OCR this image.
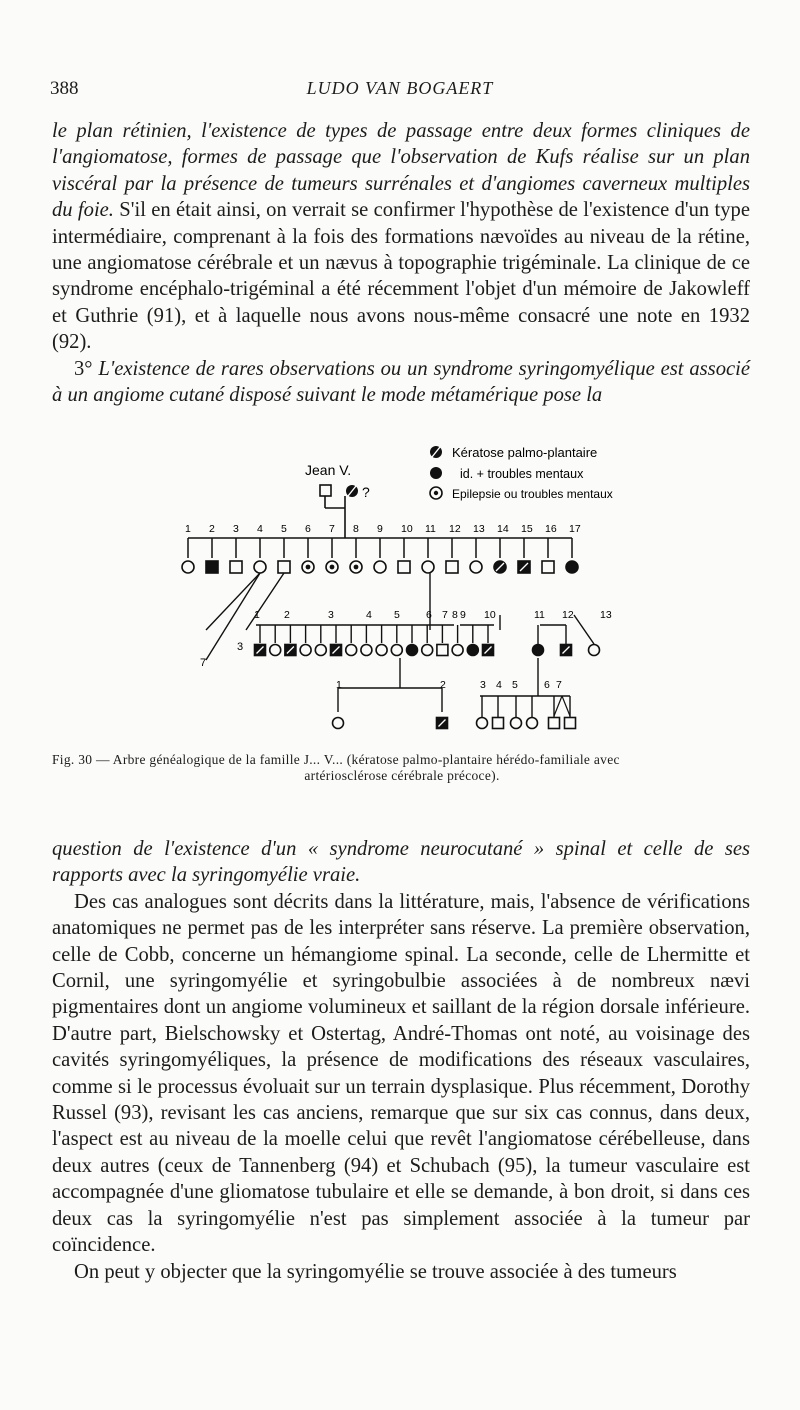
388	LUDO VAN BOGAERT

le plan rétinien, l'existence de types de passage entre deux formes cliniques de l'angiomatose, formes de passage que l'observation de Kufs réalise sur un plan viscéral par la présence de tumeurs surrénales et d'angiomes caverneux multiples du foie. S'il en était ainsi, on verrait se confirmer l'hypothèse de l'existence d'un type intermédiaire, comprenant à la fois des formations nævoïdes au niveau de la rétine, une angiomatose cérébrale et un nævus à topographie trigéminale. La clinique de ce syndrome encéphalo-trigéminal a été récemment l'objet d'un mémoire de Jakowleff et Guthrie (91), et à laquelle nous avons nous-même consacré une note en 1932 (92).

3° L'existence de rares observations ou un syndrome syringomyélique est associé à un angiome cutané disposé suivant le mode métamérique pose la

Jean V.
?
Kératose palmo-plantaire
id. + troubles mentaux
Epilepsie ou troubles mentaux
1 2 3 4 5 6 7 8 9 10 11 12 13 14 15 16 17
1 2	3	4 5 6 7 8 9 10	11 12	13
1	2	3 4 5 6 7
3
7
Fig. 30 — Arbre généalogique de la famille J... V... (kératose palmo-plantaire hérédo-familiale avec
artériosclérose cérébrale précoce).

question de l'existence d'un « syndrome neurocutané » spinal et celle de ses rapports avec la syringomyélie vraie.

Des cas analogues sont décrits dans la littérature, mais, l'absence de vérifications anatomiques ne permet pas de les interpréter sans réserve. La première observation, celle de Cobb, concerne un hémangiome spinal. La seconde, celle de Lhermitte et Cornil, une syringomyélie et syringobulbie associées à de nombreux nævi pigmentaires dont un angiome volumineux et saillant de la région dorsale inférieure. D'autre part, Bielschowsky et Ostertag, André-Thomas ont noté, au voisinage des cavités syringomyéliques, la présence de modifications des réseaux vasculaires, comme si le processus évoluait sur un terrain dysplasique. Plus récemment, Dorothy Russel (93), revisant les cas anciens, remarque que sur six cas connus, dans deux, l'aspect est au niveau de la moelle celui que revêt l'angiomatose cérébelleuse, dans deux autres (ceux de Tannenberg (94) et Schubach (95), la tumeur vasculaire est accompagnée d'une gliomatose tubulaire et elle se demande, à bon droit, si dans ces deux cas la syringomyélie n'est pas simplement associée à la tumeur par coïncidence.

On peut y objecter que la syringomyélie se trouve associée à des tumeurs
